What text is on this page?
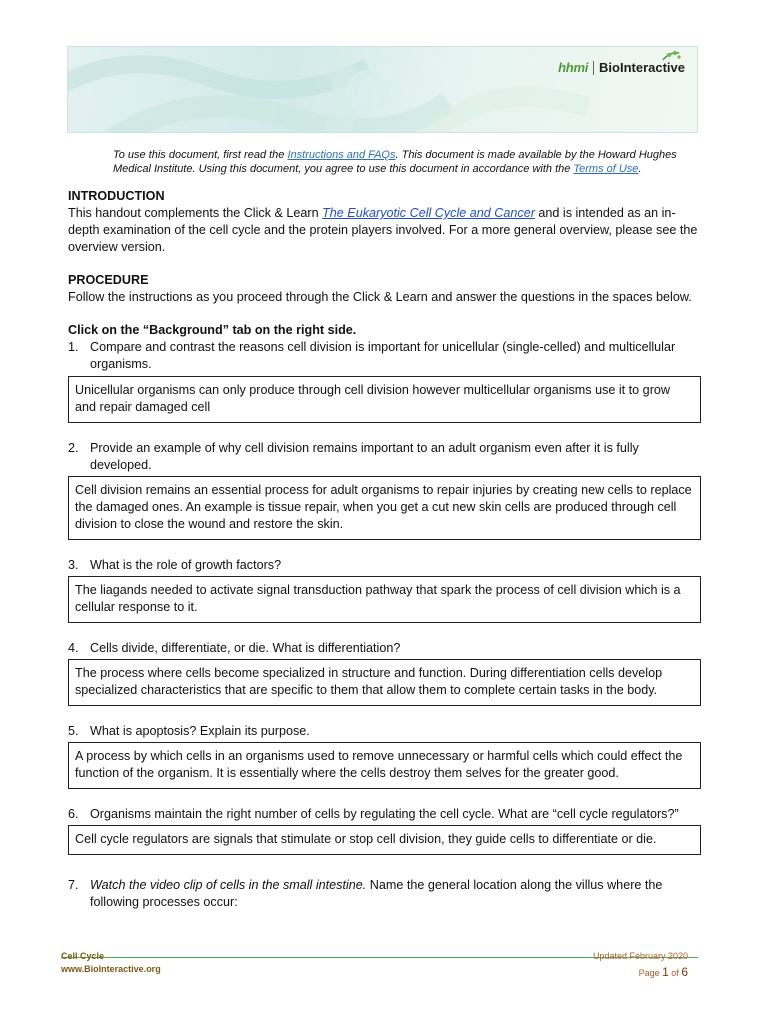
hhmi BioInteractive
To use this document, first read the Instructions and FAQs. This document is made available by the Howard Hughes Medical Institute. Using this document, you agree to use this document in accordance with the Terms of Use.
INTRODUCTION

This handout complements the Click & Learn The Eukaryotic Cell Cycle and Cancer and is intended as an in-depth examination of the cell cycle and the protein players involved. For a more general overview, please see the overview version.

PROCEDURE

Follow the instructions as you proceed through the Click & Learn and answer the questions in the spaces below.

Click on the “Background” tab on the right side.
1. Compare and contrast the reasons cell division is important for unicellular (single-celled) and multicellular organisms.
Unicellular organisms can only produce through cell division however multicellular organisms use it to grow and repair damaged cell
2. Provide an example of why cell division remains important to an adult organism even after it is fully developed.
Cell division remains an essential process for adult organisms to repair injuries by creating new cells to replace the damaged ones. An example is tissue repair, when you get a cut new skin cells are produced through cell division to close the wound and restore the skin.
3. What is the role of growth factors?
The liagands needed to activate signal transduction pathway that spark the process of cell division which is a cellular response to it.
4. Cells divide, differentiate, or die. What is differentiation?
The process where cells become specialized in structure and function. During differentiation cells develop specialized characteristics that are specific to them that allow them to complete certain tasks in the body.
5. What is apoptosis? Explain its purpose.
A process by which cells in an organisms used to remove unnecessary or harmful cells which could effect the function of the organism. It is essentially where the cells destroy them selves for the greater good.
6. Organisms maintain the right number of cells by regulating the cell cycle. What are “cell cycle regulators?”
Cell cycle regulators are signals that stimulate or stop cell division, they guide cells to differentiate or die.
7. Watch the video clip of cells in the small intestine. Name the general location along the villus where the following processes occur:
Cell Cycle
www.BioInteractive.org
Updated February 2020
Page 1 of 6
